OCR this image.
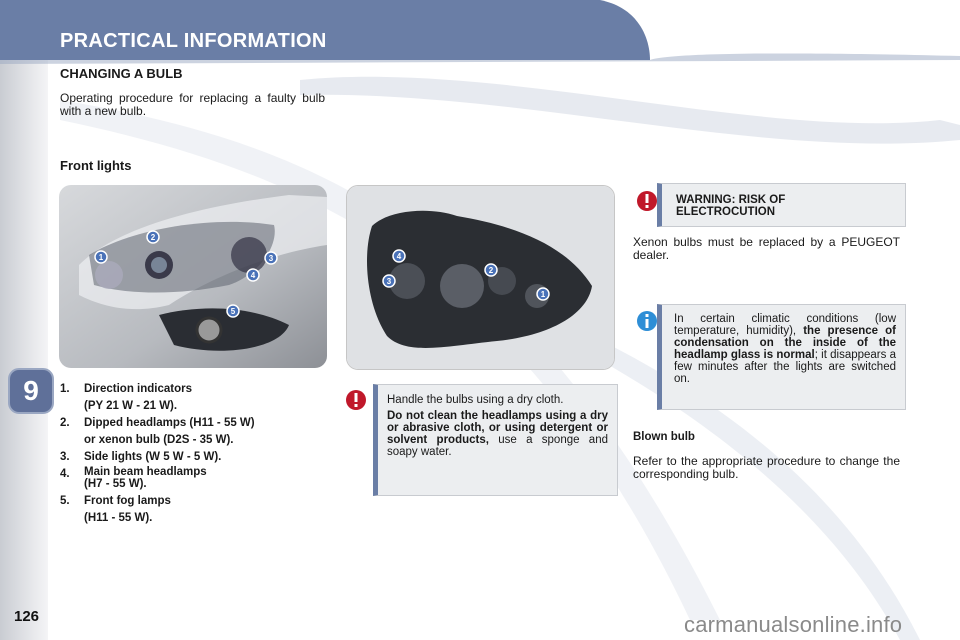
PRACTICAL INFORMATION
9
126
CHANGING A BULB
Operating procedure for replacing a faulty bulb with a new bulb.
Front lights
1
2
3
4
5
1
2
3
4
1. Direction indicators
(PY 21 W - 21 W).
2. Dipped headlamps (H11 - 55 W)
or xenon bulb (D2S - 35 W).
3. Side lights (W 5 W - 5 W).
4. Main beam headlamps
(H7 - 55 W).
5. Front fog lamps
(H11 - 55 W).

Handle the bulbs using a dry cloth.

Do not clean the headlamps using a dry or abrasive cloth, or using detergent or solvent products, use a sponge and soapy water.

WARNING: RISK OF ELECTROCUTION
Xenon bulbs must be replaced by a PEUGEOT dealer.
In certain climatic conditions (low temperature, humidity), the presence of condensation on the inside of the headlamp glass is normal; it disappears a few minutes after the lights are switched on.
Blown bulb
Refer to the appropriate procedure to change the corresponding bulb.
carmanualsonline.info
